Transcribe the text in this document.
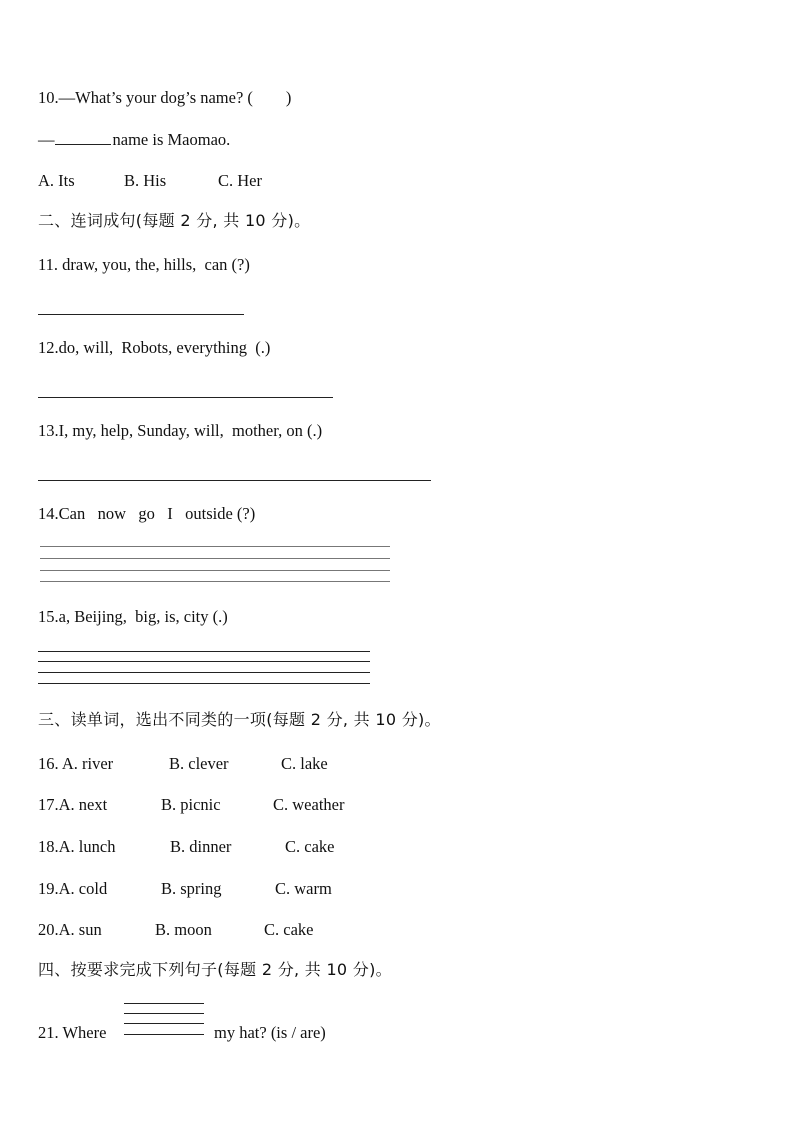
10.—What’s your dog’s name? (　　)
—	name is Maomao.
A. Its	B. His	C. Her
二、连词成句(每题 2 分, 共 10 分)。
11. draw, you, the, hills,  can (?)
12.do, will,  Robots, everything  (.)
13.I, my, help, Sunday, will,  mother, on (.)
14.Can   now   go   I   outside (?)
15.a, Beijing,  big, is, city (.)
三、读单词，选出不同类的一项(每题 2 分, 共 10 分)。
16. A. river	B. clever	C. lake
17.A. next	B. picnic	C. weather
18.A. lunch	B. dinner	C. cake
19.A. cold	B. spring	C. warm
20.A. sun	B. moon	C. cake
四、按要求完成下列句子(每题 2 分, 共 10 分)。
21. Where	my hat? (is / are)
